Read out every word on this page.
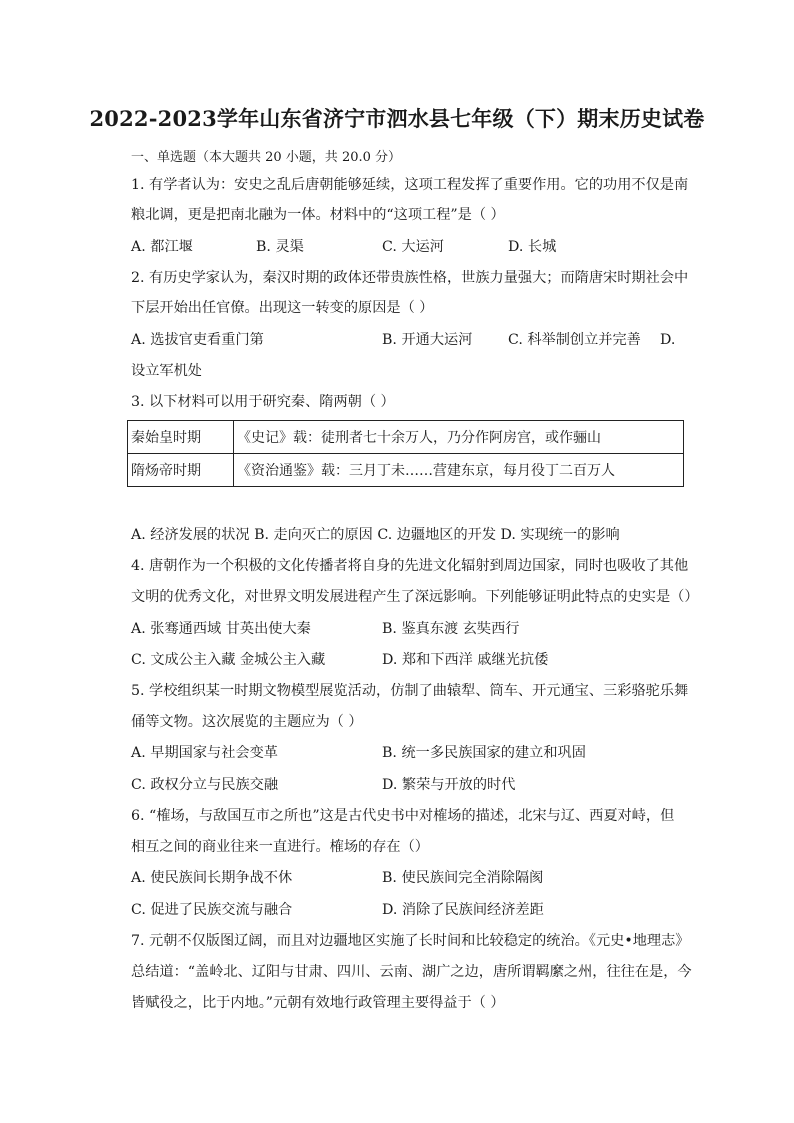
2022-2023学年山东省济宁市泗水县七年级（下）期末历史试卷
一、单选题（本大题共 20 小题，共 20.0 分）
1. 有学者认为：安史之乱后唐朝能够延续，这项工程发挥了重要作用。它的功用不仅是南
粮北调，更是把南北融为一体。材料中的“这项工程”是（ ）
A. 都江堰	B. 灵渠	C. 大运河	D. 长城
2. 有历史学家认为，秦汉时期的政体还带贵族性格，世族力量强大；而隋唐宋时期社会中
下层开始出任官僚。出现这一转变的原因是（ ）
A. 选拔官吏看重门第	B. 开通大运河	C. 科举制创立并完善 D.
设立军机处
3. 以下材料可以用于研究秦、隋两朝（ ）
秦始皇时期	《史记》载：徒刑者七十余万人，乃分作阿房宫，或作骊山
隋炀帝时期	《资治通鉴》载：三月丁未……营建东京，每月役丁二百万人
A. 经济发展的状况 B. 走向灭亡的原因 C. 边疆地区的开发 D. 实现统一的影响
4. 唐朝作为一个积极的文化传播者将自身的先进文化辐射到周边国家，同时也吸收了其他
文明的优秀文化，对世界文明发展进程产生了深远影响。下列能够证明此特点的史实是（）
A. 张骞通西域 甘英出使大秦	B. 鉴真东渡 玄奘西行
C. 文成公主入藏 金城公主入藏	D. 郑和下西洋 戚继光抗倭
5. 学校组织某一时期文物模型展览活动，仿制了曲辕犁、筒车、开元通宝、三彩骆驼乐舞
俑等文物。这次展览的主题应为（ ）
A. 早期国家与社会变革	B. 统一多民族国家的建立和巩固
C. 政权分立与民族交融	D. 繁荣与开放的时代
6. “榷场，与敌国互市之所也”这是古代史书中对榷场的描述，北宋与辽、西夏对峙，但
相互之间的商业往来一直进行。榷场的存在（）
A. 使民族间长期争战不休	B. 使民族间完全消除隔阂
C. 促进了民族交流与融合	D. 消除了民族间经济差距
7. 元朝不仅版图辽阔，而且对边疆地区实施了长时间和比较稳定的统治。《元史•地理志》
总结道：“盖岭北、辽阳与甘肃、四川、云南、湖广之边，唐所谓羁縻之州，往往在是，今
皆赋役之，比于内地。”元朝有效地行政管理主要得益于（ ）
